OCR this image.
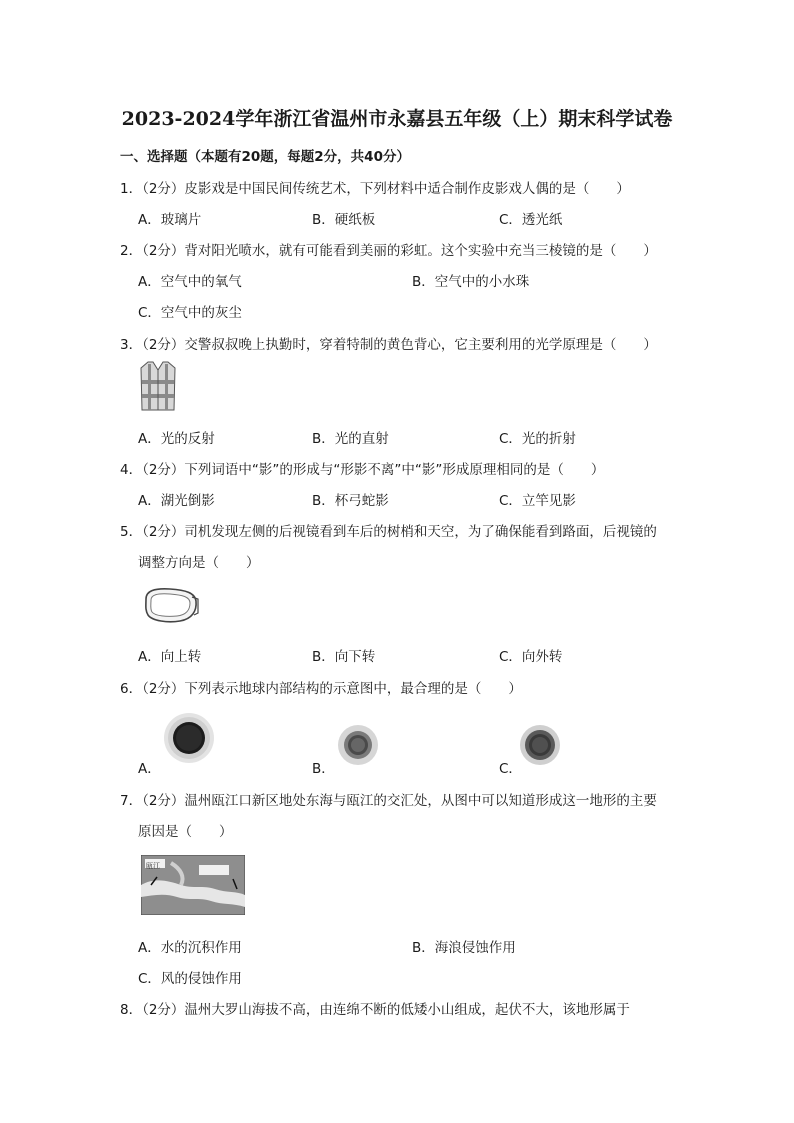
2023-2024学年浙江省温州市永嘉县五年级（上）期末科学试卷
一、选择题（本题有20题，每题2分，共40分）
1．（2分）皮影戏是中国民间传统艺术，下列材料中适合制作皮影戏人偶的是（　　）
A．玻璃片	B．硬纸板	C．透光纸
2．（2分）背对阳光喷水，就有可能看到美丽的彩虹。这个实验中充当三棱镜的是（　　）
A．空气中的氧气	B．空气中的小水珠
C．空气中的灰尘
3．（2分）交警叔叔晚上执勤时，穿着特制的黄色背心，它主要利用的光学原理是（　　）
A．光的反射	B．光的直射	C．光的折射
4．（2分）下列词语中“影”的形成与“形影不离”中“影”形成原理相同的是（　　）
A．湖光倒影	B．杯弓蛇影	C．立竿见影
5．（2分）司机发现左侧的后视镜看到车后的树梢和天空，为了确保能看到路面，后视镜的
调整方向是（　　）
A．向上转	B．向下转	C．向外转
6．（2分）下列表示地球内部结构的示意图中，最合理的是（　　）
A．	B．	C．
7．（2分）温州瓯江口新区地处东海与瓯江的交汇处，从图中可以知道形成这一地形的主要
原因是（　　）
瓯江
A．水的沉积作用	B．海浪侵蚀作用
C．风的侵蚀作用
8．（2分）温州大罗山海拔不高，由连绵不断的低矮小山组成，起伏不大，该地形属于
